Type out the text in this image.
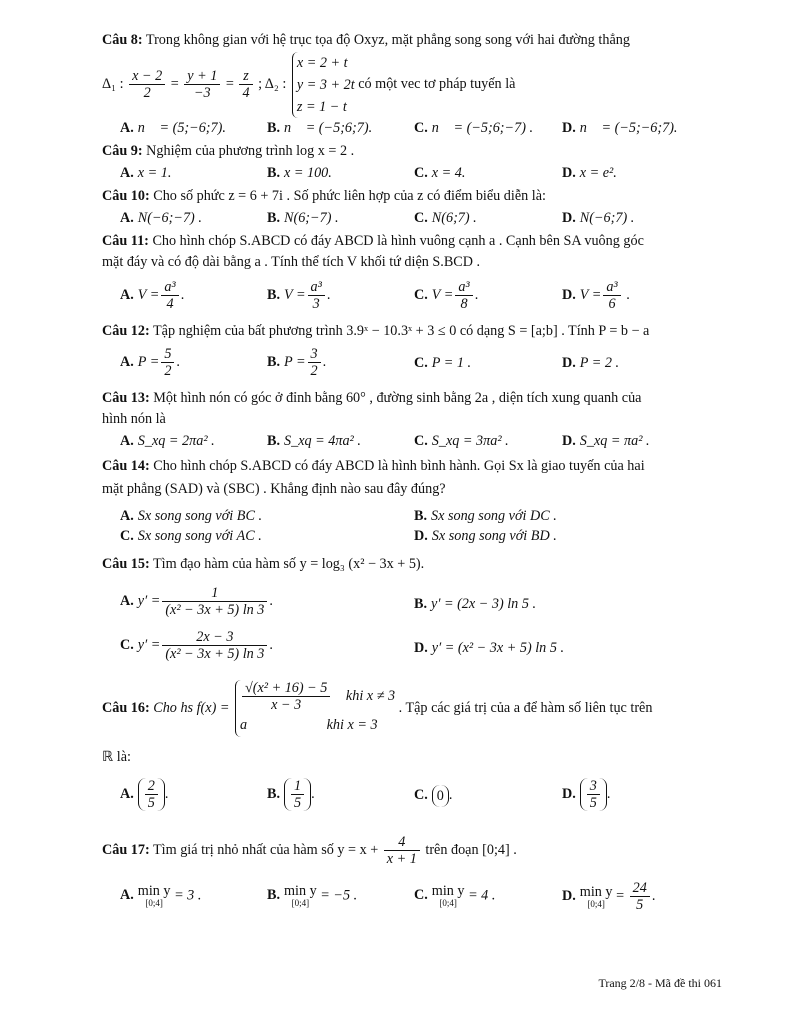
Câu 8: Trong không gian với hệ trục tọa độ Oxyz, mặt phẳng song song với hai đường thẳng
Δ₁ : $\frac{x - 2}{2} = \frac{y + 1}{-3} = \frac{z}{4}$ ; Δ₂ :
x = 2 + t
y = 3 + 2t
z = 1 − t
có một vec tơ pháp tuyến là
A. n⃗ = (5;−6;7).	B. n⃗ = (−5;6;7).	C. n⃗ = (−5;6;−7) . D. n⃗ = (−5;−6;7).
Câu 9: Nghiệm của phương trình log x = 2 .
A. x = 1.	B. x = 100.	C. x = 4.	D. x = e².
Câu 10: Cho số phức z = 6 + 7i . Số phức liên hợp của z có điểm biểu diễn là:
A. N(−6;−7) .	B. N(6;−7) .	C. N(6;7) .	D. N(−6;7) .
Câu 11: Cho hình chóp S.ABCD có đáy ABCD là hình vuông cạnh a . Cạnh bên SA vuông góc
mặt đáy và có độ dài bằng a . Tính thể tích V khối tứ diện S.BCD .
A. $V = \frac{\text{a³}}{4}$ .	B. $V = \frac{\text{a³}}{3}$ .	C. $V = \frac{\text{a³}}{8}$ .	D. $V = \frac{\text{a³}}{6}$ .
Câu 12: Tập nghiệm của bất phương trình 3.9ˣ − 10.3ˣ + 3 ≤ 0 có dạng S = [a;b] . Tính P = b − a
A. $P = \frac{5}{2}$ .	B. $P = \frac{3}{2}$ .	C. P = 1 .	D. P = 2 .
Câu 13: Một hình nón có góc ở đỉnh bằng 60° , đường sinh bằng 2a , diện tích xung quanh của
hình nón là
A. S_xq = 2πa² .	B. S_xq = 4πa² .	C. S_xq = 3πa² .	D. S_xq = πa² .
Câu 14: Cho hình chóp S.ABCD có đáy ABCD là hình bình hành. Gọi Sx là giao tuyến của hai
mặt phẳng (SAD) và (SBC) . Khẳng định nào sau đây đúng?
A. Sx song song với BC .	B. Sx song song với DC .
C. Sx song song với AC .	D. Sx song song với BD .
Câu 15: Tìm đạo hàm của hàm số y = log₃ (x² − 3x + 5).
A. $y' = \frac{1}{\text{(x² − 3x + 5) ln 3}}$ .	B. y′ = (2x − 3) ln 5 .
C. $y' = \frac{2x - 3}{\text{(x² − 3x + 5) ln 3}}$ .	D. y′ = (x² − 3x + 5) ln 5 .
Câu 16: Cho hs $f(x) = \frac{\text{√(x² + 16) − 5}}{x - 3}$ khi x ≠ 3
a	khi x = 3
. Tập các giá trị của a để hàm số liên tục trên
ℝ là:
A. $\frac{2}{5}$ .	B. $\frac{1}{5}$ .	C. 0 .	D. $\frac{3}{5}$ .
Câu 17: Tìm giá trị nhỏ nhất của hàm số $y = x + \frac{4}{x + 1}$ trên đoạn [0;4] .
A. min y
[0;4] = 3 .	B. min y
[0;4] = −5 .	C. min y
[0;4] = 4 .	D. min y
[0;4] = $\frac{24}{5}$ .
Trang 2/8 - Mã đề thi 061
